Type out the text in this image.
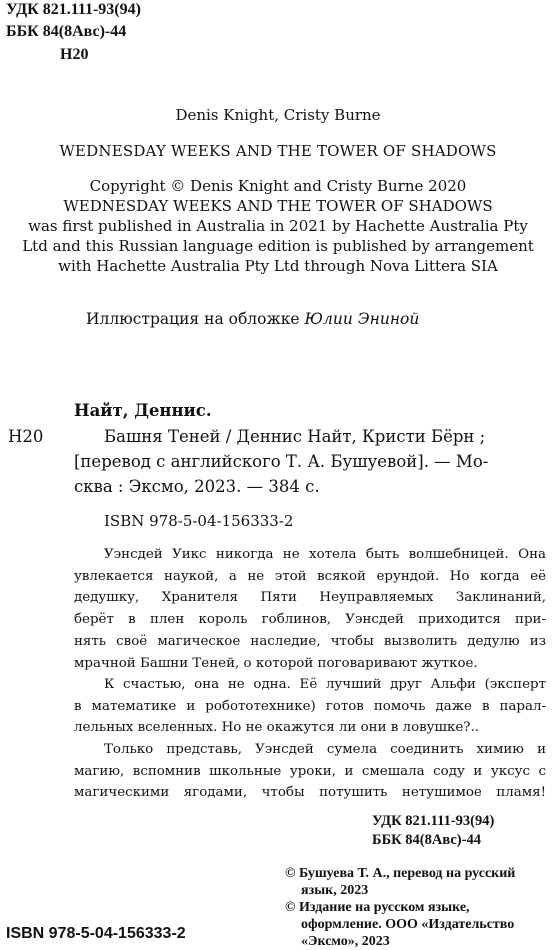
УДК 821.111-93(94)
ББК 84(8Авс)-44
Н20
Denis Knight, Cristy Burne
WEDNESDAY WEEKS AND THE TOWER OF SHADOWS
Copyright © Denis Knight and Cristy Burne 2020
WEDNESDAY WEEKS AND THE TOWER OF SHADOWS
was first published in Australia in 2021 by Hachette Australia Pty
Ltd and this Russian language edition is published by arrangement
with Hachette Australia Pty Ltd through Nova Littera SIA
Иллюстрация на обложке Юлии Эниной
Найт, Деннис.
Н20	Башня Теней / Деннис Найт, Кристи Бёрн ;
[перевод с английского Т. А. Бушуевой]. — Мо-
сква : Эксмо, 2023. — 384 с.
ISBN 978-5-04-156333-2
Уэнсдей Уикс никогда не хотела быть волшебницей. Она
увлекается наукой, а не этой всякой ерундой. Но когда её
дедушку, Хранителя Пяти Неуправляемых Заклинаний,
берёт в плен король гоблинов, Уэнсдей приходится при-
нять своё магическое наследие, чтобы вызволить дедулю из
мрачной Башни Теней, о которой поговаривают жуткое.
К счастью, она не одна. Её лучший друг Альфи (эксперт
в математике и робототехнике) готов помочь даже в парал-
лельных вселенных. Но не окажутся ли они в ловушке?..
Только представь, Уэнсдей сумела соединить химию и
магию, вспомнив школьные уроки, и смешала соду и уксус с
магическими ягодами, чтобы потушить нетушимое пламя!
УДК 821.111-93(94)
ББК 84(8Авс)-44
© Бушуева Т. А., перевод на русский
язык, 2023
© Издание на русском языке,
оформление. ООО «Издательство
«Эксмо», 2023
ISBN 978-5-04-156333-2
